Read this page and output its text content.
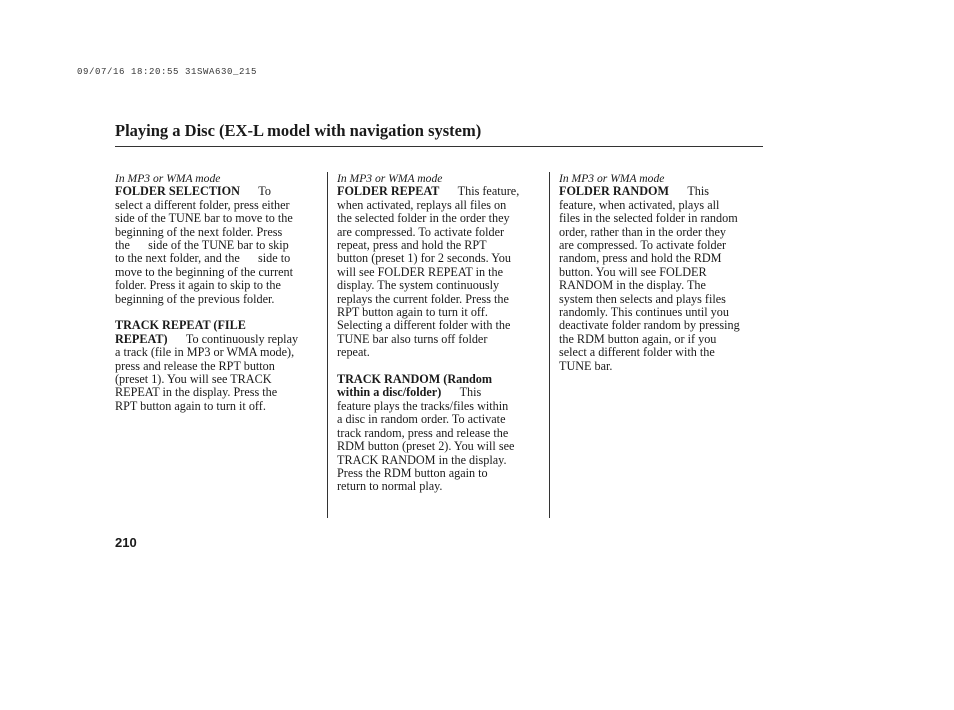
09/07/16 18:20:55 31SWA630_215
Playing a Disc (EX-L model with navigation system)
In MP3 or WMA mode
FOLDER SELECTION To
select a different folder, press either
side of the TUNE bar to move to the
beginning of the next folder. Press
the      side of the TUNE bar to skip
to the next folder, and the      side to
move to the beginning of the current
folder. Press it again to skip to the
beginning of the previous folder.
TRACK REPEAT (FILE
REPEAT) To continuously replay
a track (file in MP3 or WMA mode),
press and release the RPT button
(preset 1). You will see TRACK
REPEAT in the display. Press the
RPT button again to turn it off.
In MP3 or WMA mode
FOLDER REPEAT This feature,
when activated, replays all files on
the selected folder in the order they
are compressed. To activate folder
repeat, press and hold the RPT
button (preset 1) for 2 seconds. You
will see FOLDER REPEAT in the
display. The system continuously
replays the current folder. Press the
RPT button again to turn it off.
Selecting a different folder with the
TUNE bar also turns off folder
repeat.
TRACK RANDOM (Random
within a disc/folder) This
feature plays the tracks/files within
a disc in random order. To activate
track random, press and release the
RDM button (preset 2). You will see
TRACK RANDOM in the display.
Press the RDM button again to
return to normal play.
In MP3 or WMA mode
FOLDER RANDOM This
feature, when activated, plays all
files in the selected folder in random
order, rather than in the order they
are compressed. To activate folder
random, press and hold the RDM
button. You will see FOLDER
RANDOM in the display. The
system then selects and plays files
randomly. This continues until you
deactivate folder random by pressing
the RDM button again, or if you
select a different folder with the
TUNE bar.
210
